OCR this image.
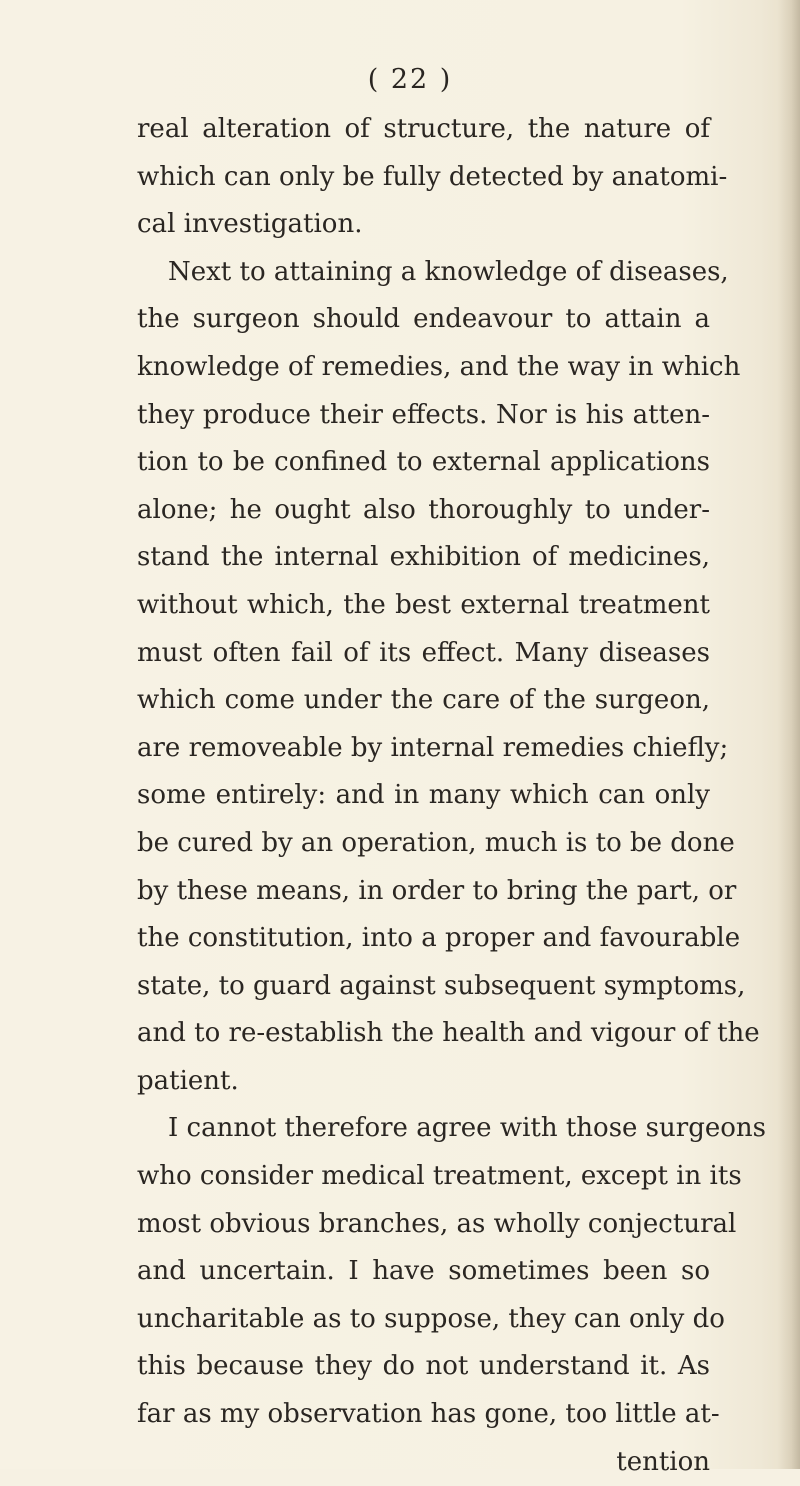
( 22 )
real alteration of structure, the nature of
which can only be fully detected by anatomi-
cal investigation.
Next to attaining a knowledge of diseases,
the surgeon should endeavour to attain a
knowledge of remedies, and the way in which
they produce their effects. Nor is his atten-
tion to be confined to external applications
alone; he ought also thoroughly to under-
stand the internal exhibition of medicines,
without which, the best external treatment
must often fail of its effect. Many diseases
which come under the care of the surgeon,
are removeable by internal remedies chiefly;
some entirely: and in many which can only
be cured by an operation, much is to be done
by these means, in order to bring the part, or
the constitution, into a proper and favourable
state, to guard against subsequent symptoms,
and to re-establish the health and vigour of the
patient.
I cannot therefore agree with those surgeons
who consider medical treatment, except in its
most obvious branches, as wholly conjectural
and uncertain. I have sometimes been so
uncharitable as to suppose, they can only do
this because they do not understand it. As
far as my observation has gone, too little at-
tention
